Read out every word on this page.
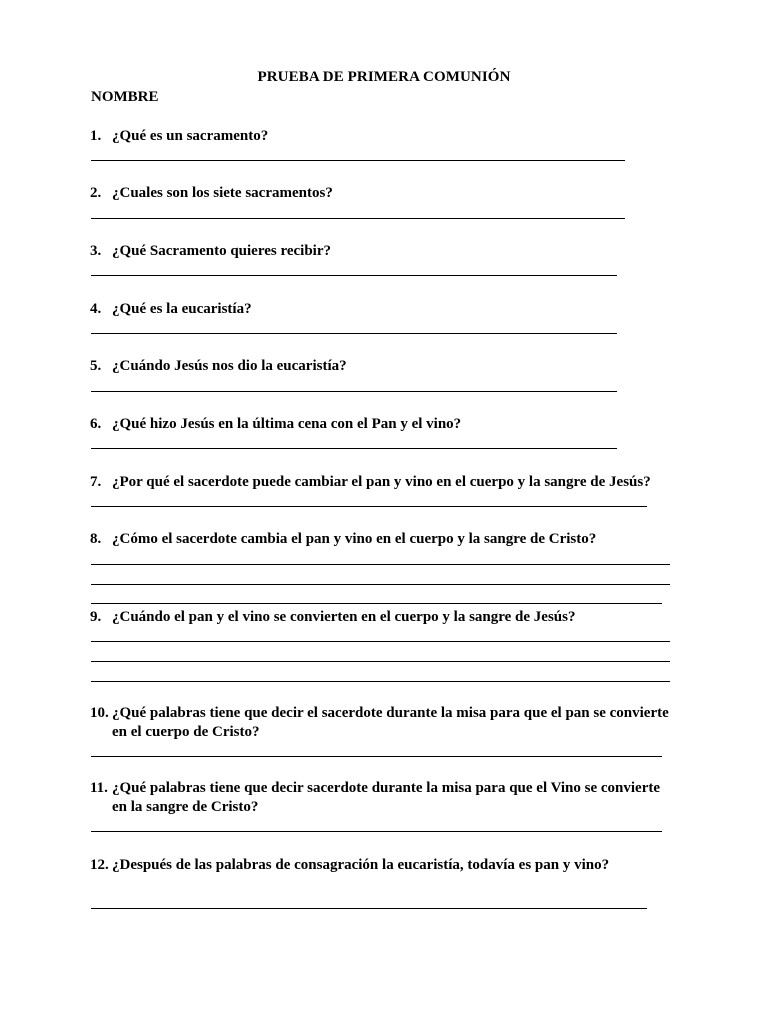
PRUEBA DE PRIMERA COMUNIÓN
NOMBRE
1. ¿Qué es un sacramento?
2. ¿Cuales son los siete sacramentos?
3. ¿Qué Sacramento quieres recibir?
4. ¿Qué es la eucaristía?
5. ¿Cuándo Jesús nos dio la eucaristía?
6. ¿Qué hizo Jesús en la última cena con el Pan y el vino?
7. ¿Por qué el sacerdote puede cambiar el pan y vino en el cuerpo y la sangre de Jesús?
8. ¿Cómo el sacerdote cambia el pan y vino en el cuerpo y la sangre de Cristo?
9. ¿Cuándo el pan y el vino se convierten en el cuerpo y la sangre de Jesús?
10. ¿Qué palabras tiene que decir el sacerdote durante la misa para que el pan se convierte
en el cuerpo de Cristo?
11. ¿Qué palabras tiene que decir sacerdote durante la misa para que el Vino se convierte
en la sangre de Cristo?
12. ¿Después de las palabras de consagración la eucaristía, todavía es pan y vino?
